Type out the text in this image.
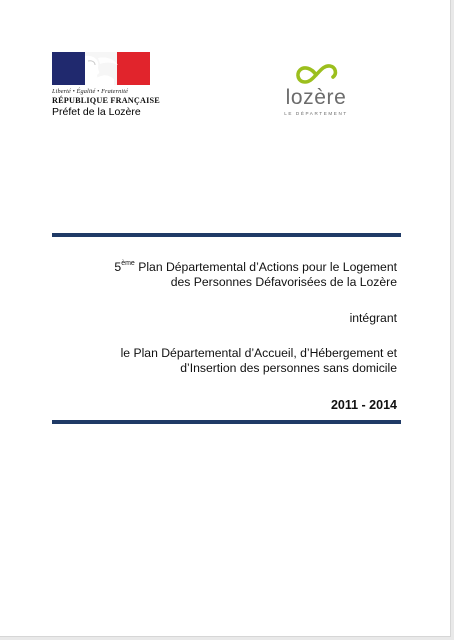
Liberté • Égalité • Fraternité
RÉPUBLIQUE FRANÇAISE
Préfet de la Lozère
lozère
LE DÉPARTEMENT
5ème Plan Départemental d’Actions pour le Logement
des Personnes Défavorisées de la Lozère
intégrant
le Plan Départemental d’Accueil, d’Hébergement et
d’Insertion des personnes sans domicile
2011 - 2014
